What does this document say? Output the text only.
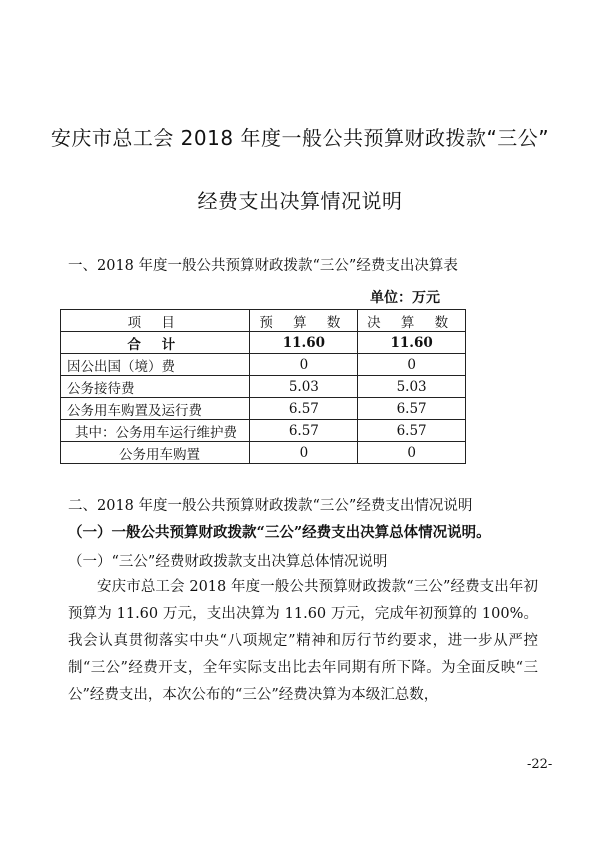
安庆市总工会 2018 年度一般公共预算财政拨款“三公”
经费支出决算情况说明
一、2018 年度一般公共预算财政拨款“三公”经费支出决算表
单位：万元
项 目	预 算 数	决 算 数
合 计	11.60	11.60
因公出国（境）费	0	0
公务接待费	5.03	5.03
公务用车购置及运行费	6.57	6.57
其中：公务用车运行维护费	6.57	6.57
公务用车购置	0	0
二、2018 年度一般公共预算财政拨款“三公”经费支出情况说明
（一）一般公共预算财政拨款“三公”经费支出决算总体情况说明。
（一）“三公”经费财政拨款支出决算总体情况说明
安庆市总工会 2018 年度一般公共预算财政拨款“三公”经费支出年初预算为 11.60 万元，支出决算为 11.60 万元，完成年初预算的 100%。我会认真贯彻落实中央“八项规定”精神和厉行节约要求，进一步从严控制“三公”经费开支，全年实际支出比去年同期有所下降。为全面反映“三公”经费支出，本次公布的“三公”经费决算为本级汇总数，
-22-
